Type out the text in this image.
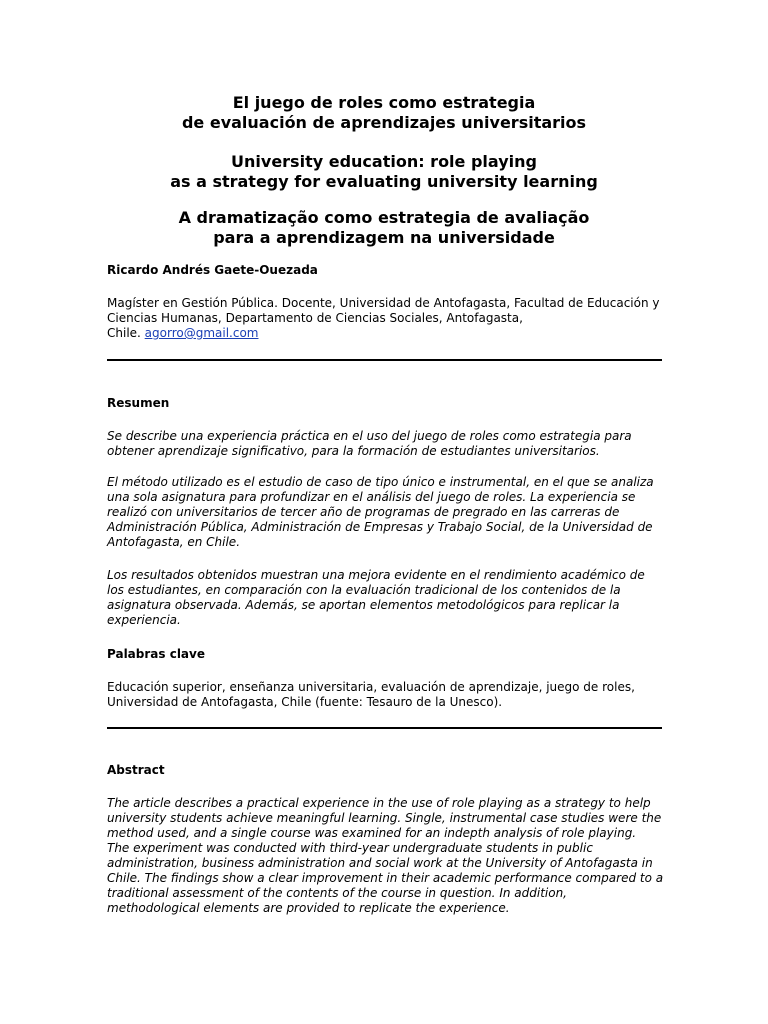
El juego de roles como estrategia
de evaluación de aprendizajes universitarios
University education: role playing
as a strategy for evaluating university learning
A dramatização como estrategia de avaliação
para a aprendizagem na universidade
Ricardo Andrés Gaete-Ouezada
Magíster en Gestión Pública. Docente, Universidad de Antofagasta, Facultad de Educación y
Ciencias Humanas, Departamento de Ciencias Sociales, Antofagasta,
Chile. agorro@gmail.com
Resumen
Se describe una experiencia práctica en el uso del juego de roles como estrategia para
obtener aprendizaje significativo, para la formación de estudiantes universitarios.
El método utilizado es el estudio de caso de tipo único e instrumental, en el que se analiza
una sola asignatura para profundizar en el análisis del juego de roles. La experiencia se
realizó con universitarios de tercer año de programas de pregrado en las carreras de
Administración Pública, Administración de Empresas y Trabajo Social, de la Universidad de
Antofagasta, en Chile.
Los resultados obtenidos muestran una mejora evidente en el rendimiento académico de
los estudiantes, en comparación con la evaluación tradicional de los contenidos de la
asignatura observada. Además, se aportan elementos metodológicos para replicar la
experiencia.
Palabras clave
Educación superior, enseñanza universitaria, evaluación de aprendizaje, juego de roles,
Universidad de Antofagasta, Chile (fuente: Tesauro de la Unesco).
Abstract
The article describes a practical experience in the use of role playing as a strategy to help
university students achieve meaningful learning. Single, instrumental case studies were the
method used, and a single course was examined for an indepth analysis of role playing.
The experiment was conducted with third-year undergraduate students in public
administration, business administration and social work at the University of Antofagasta in
Chile. The findings show a clear improvement in their academic performance compared to a
traditional assessment of the contents of the course in question. In addition,
methodological elements are provided to replicate the experience.
